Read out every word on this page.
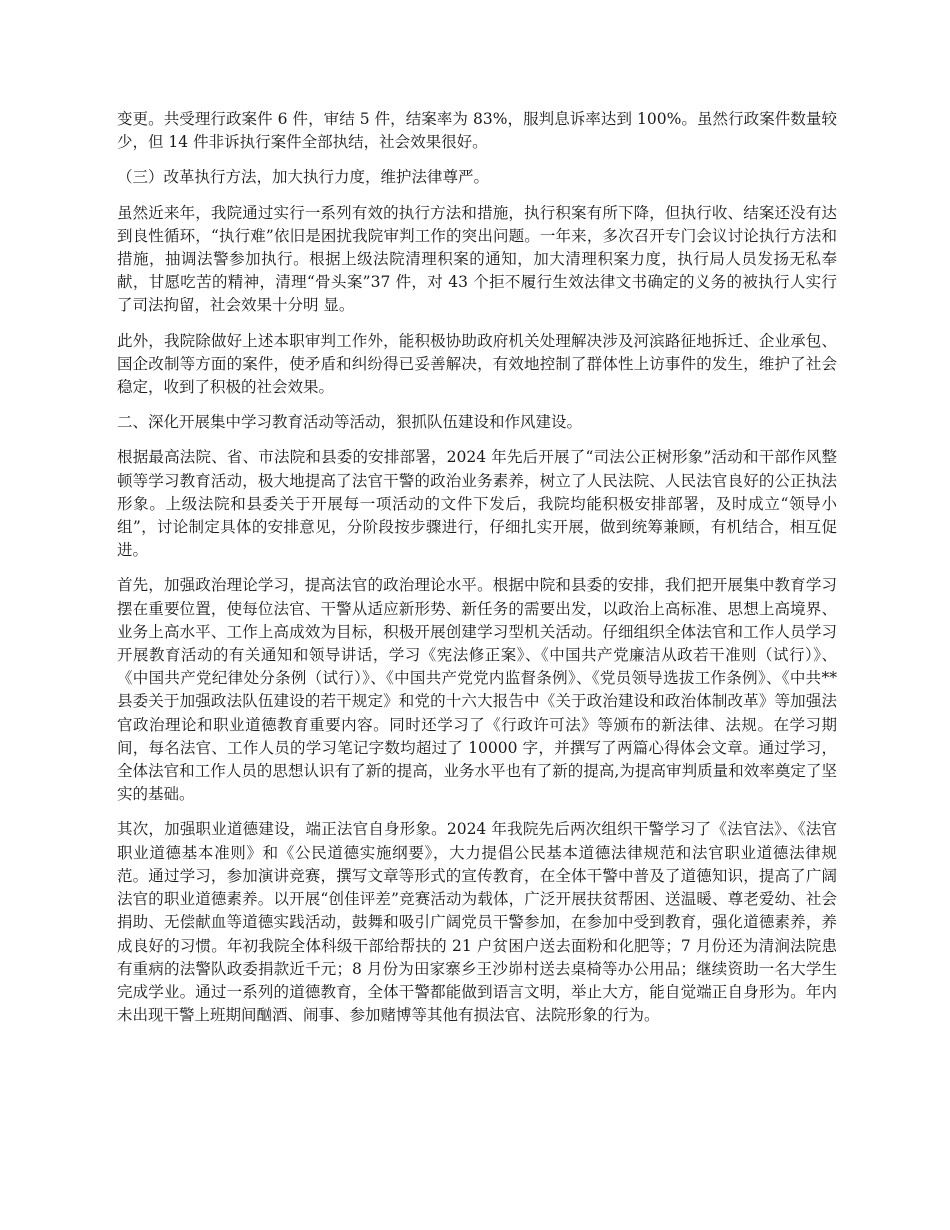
变更。共受理行政案件 6 件，审结 5 件，结案率为 83%，服判息诉率达到 100%。虽然行政案件数量较少，但 14 件非诉执行案件全部执结，社会效果很好。

（三）改革执行方法，加大执行力度，维护法律尊严。

虽然近来年，我院通过实行一系列有效的执行方法和措施，执行积案有所下降，但执行收、结案还没有达到良性循环，“执行难”依旧是困扰我院审判工作的突出问题。一年来，多次召开专门会议讨论执行方法和措施，抽调法警参加执行。根据上级法院清理积案的通知，加大清理积案力度，执行局人员发扬无私奉献，甘愿吃苦的精神，清理“骨头案”37 件，对 43 个拒不履行生效法律文书确定的义务的被执行人实行了司法拘留，社会效果十分明 显。

此外，我院除做好上述本职审判工作外，能积极协助政府机关处理解决涉及河滨路征地拆迁、企业承包、国企改制等方面的案件，使矛盾和纠纷得已妥善解决，有效地控制了群体性上访事件的发生，维护了社会稳定，收到了积极的社会效果。

二、深化开展集中学习教育活动等活动，狠抓队伍建设和作风建设。

根据最高法院、省、市法院和县委的安排部署，2024 年先后开展了“司法公正树形象”活动和干部作风整顿等学习教育活动，极大地提高了法官干警的政治业务素养，树立了人民法院、人民法官良好的公正执法形象。上级法院和县委关于开展每一项活动的文件下发后，我院均能积极安排部署，及时成立“领导小组”，讨论制定具体的安排意见，分阶段按步骤进行，仔细扎实开展，做到统筹兼顾，有机结合，相互促进。

首先，加强政治理论学习，提高法官的政治理论水平。根据中院和县委的安排，我们把开展集中教育学习摆在重要位置，使每位法官、干警从适应新形势、新任务的需要出发，以政治上高标准、思想上高境界、业务上高水平、工作上高成效为目标，积极开展创建学习型机关活动。仔细组织全体法官和工作人员学习开展教育活动的有关通知和领导讲话，学习《宪法修正案》、《中国共产党廉洁从政若干准则（试行）》、《中国共产党纪律处分条例（试行）》、《中国共产党党内监督条例》、《党员领导选拔工作条例》、《中共**县委关于加强政法队伍建设的若干规定》和党的十六大报告中《关于政治建设和政治体制改革》等加强法官政治理论和职业道德教育重要内容。同时还学习了《行政许可法》等颁布的新法律、法规。在学习期间，每名法官、工作人员的学习笔记字数均超过了 10000 字，并撰写了两篇心得体会文章。通过学习，全体法官和工作人员的思想认识有了新的提高，业务水平也有了新的提高,为提高审判质量和效率奠定了坚实的基础。

其次，加强职业道德建设，端正法官自身形象。2024 年我院先后两次组织干警学习了《法官法》、《法官职业道德基本准则》和《公民道德实施纲要》，大力提倡公民基本道德法律规范和法官职业道德法律规范。通过学习，参加演讲竞赛，撰写文章等形式的宣传教育，在全体干警中普及了道德知识，提高了广阔法官的职业道德素养。以开展“创佳评差”竞赛活动为载体，广泛开展扶贫帮困、送温暖、尊老爱幼、社会捐助、无偿献血等道德实践活动，鼓舞和吸引广阔党员干警参加，在参加中受到教育，强化道德素养，养成良好的习惯。年初我院全体科级干部给帮扶的 21 户贫困户送去面粉和化肥等；7 月份还为清涧法院患有重病的法警队政委捐款近千元；8 月份为田家寨乡王沙峁村送去桌椅等办公用品；继续资助一名大学生完成学业。通过一系列的道德教育，全体干警都能做到语言文明，举止大方，能自觉端正自身形为。年内未出现干警上班期间酗酒、闹事、参加赌博等其他有损法官、法院形象的行为。
